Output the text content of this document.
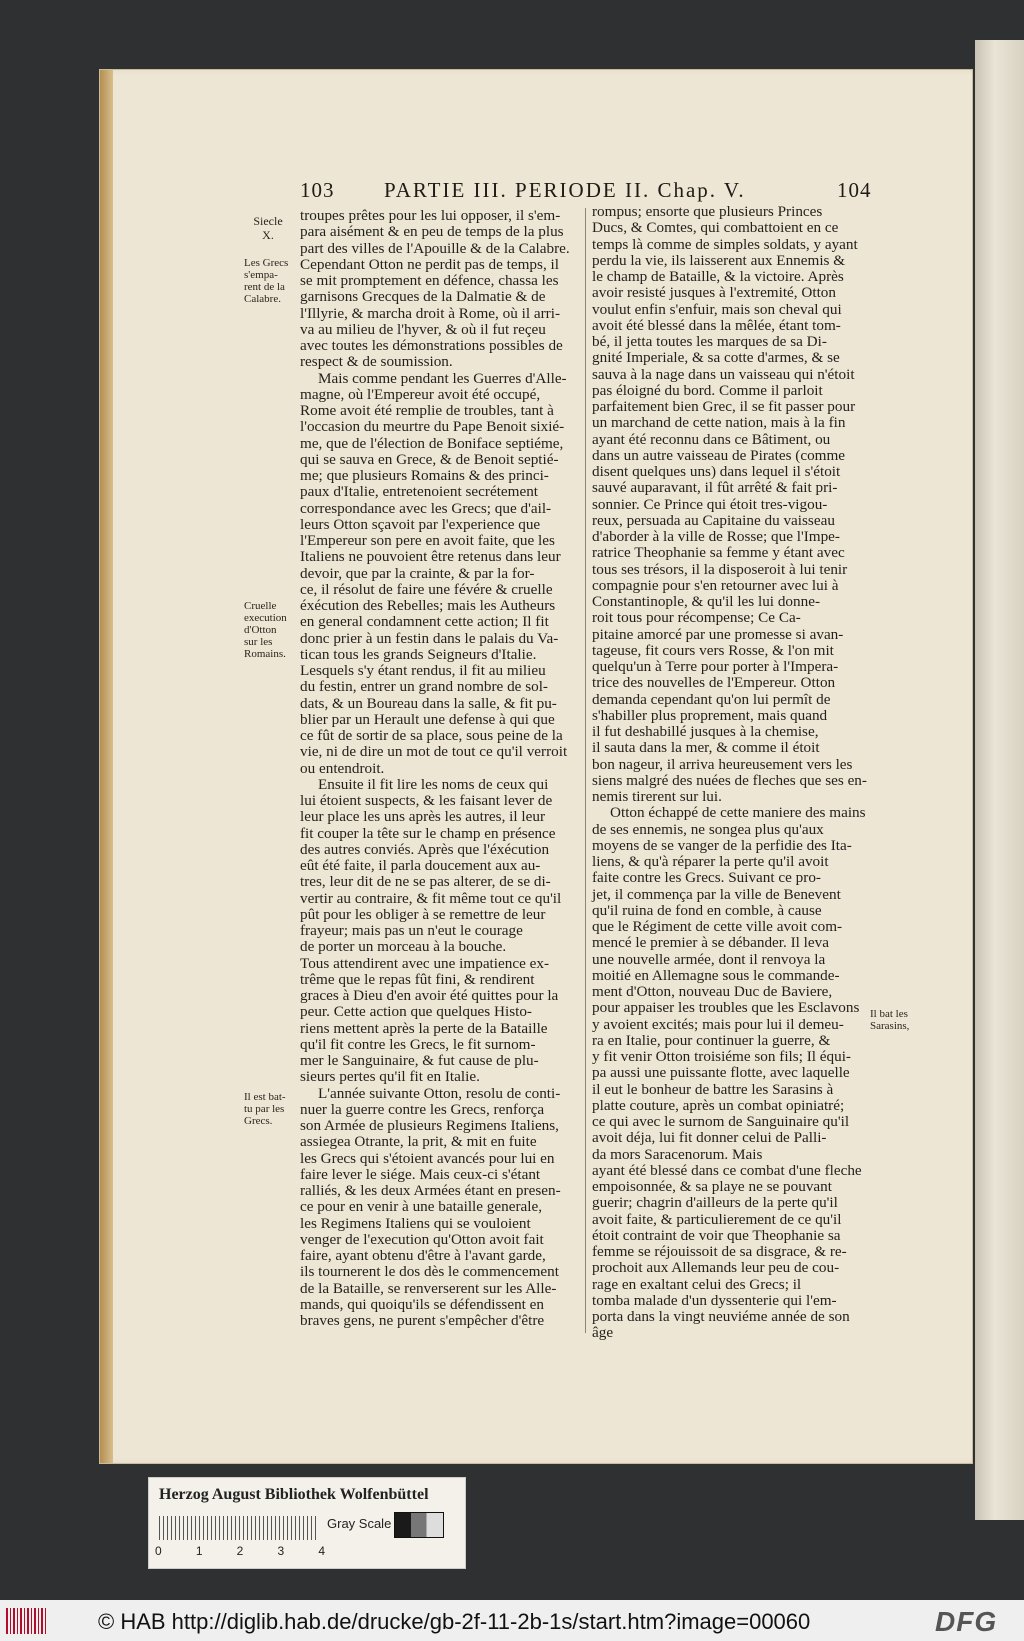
103 PARTIE III. PERIODE II. Chap. V.	104
Siecle
X.
Les Grecs
s'empa-
rent de la
Calabre.
Cruelle
execution
d'Otton
sur les
Romains.
Il est bat-
tu par les
Grecs.
Il bat les
Sarasins,

troupes prêtes pour les lui opposer, il s'em-
para aisément & en peu de temps de la plus
part des villes de l'Apouille & de la Calabre.
Cependant Otton ne perdit pas de temps, il
se mit promptement en défence, chassa les
garnisons Grecques de la Dalmatie & de
l'Illyrie, & marcha droit à Rome, où il arri-
va au milieu de l'hyver, & où il fut reçeu
avec toutes les démonstrations possibles de
respect & de soumission.

Mais comme pendant les Guerres d'Alle-
magne, où l'Empereur avoit été occupé,
Rome avoit été remplie de troubles, tant à
l'occasion du meurtre du Pape Benoit sixié-
me, que de l'élection de Boniface septiéme,
qui se sauva en Grece, & de Benoit septié-
me; que plusieurs Romains & des princi-
paux d'Italie, entretenoient secrétement
correspondance avec les Grecs; que d'ail-
leurs Otton sçavoit par l'experience que
l'Empereur son pere en avoit faite, que les
Italiens ne pouvoient être retenus dans leur
devoir, que par la crainte, & par la for-
ce, il résolut de faire une févére & cruelle
éxécution des Rebelles; mais les Autheurs
en general condamnent cette action; Il fit
donc prier à un festin dans le palais du Va-
tican tous les grands Seigneurs d'Italie.
Lesquels s'y étant rendus, il fit au milieu
du festin, entrer un grand nombre de sol-
dats, & un Boureau dans la salle, & fit pu-
blier par un Herault une defense à qui que
ce fût de sortir de sa place, sous peine de la
vie, ni de dire un mot de tout ce qu'il verroit
ou entendroit.

Ensuite il fit lire les noms de ceux qui
lui étoient suspects, & les faisant lever de
leur place les uns après les autres, il leur
fit couper la tête sur le champ en présence
des autres conviés. Après que l'éxécution
eût été faite, il parla doucement aux au-
tres, leur dit de ne se pas alterer, de se di-
vertir au contraire, & fit même tout ce qu'il
pût pour les obliger à se remettre de leur
frayeur; mais pas un n'eut le courage
de porter un morceau à la bouche.
Tous attendirent avec une impatience ex-
trême que le repas fût fini, & rendirent
graces à Dieu d'en avoir été quittes pour la
peur. Cette action que quelques Histo-
riens mettent après la perte de la Bataille
qu'il fit contre les Grecs, le fit surnom-
mer le Sanguinaire, & fut cause de plu-
sieurs pertes qu'il fit en Italie.

L'année suivante Otton, resolu de conti-
nuer la guerre contre les Grecs, renforça
son Armée de plusieurs Regimens Italiens,
assiegea Otrante, la prit, & mit en fuite
les Grecs qui s'étoient avancés pour lui en
faire lever le siége. Mais ceux-ci s'étant
ralliés, & les deux Armées étant en presen-
ce pour en venir à une bataille generale,
les Regimens Italiens qui se vouloient
venger de l'execution qu'Otton avoit fait
faire, ayant obtenu d'être à l'avant garde,
ils tournerent le dos dès le commencement
de la Bataille, se renverserent sur les Alle-
mands, qui quoiqu'ils se défendissent en
braves gens, ne purent s'empêcher d'être

rompus; ensorte que plusieurs Princes
Ducs, & Comtes, qui combattoient en ce
temps là comme de simples soldats, y ayant
perdu la vie, ils laisserent aux Ennemis &
le champ de Bataille, & la victoire. Après
avoir resisté jusques à l'extremité, Otton
voulut enfin s'enfuir, mais son cheval qui
avoit été blessé dans la mêlée, étant tom-
bé, il jetta toutes les marques de sa Di-
gnité Imperiale, & sa cotte d'armes, & se
sauva à la nage dans un vaisseau qui n'étoit
pas éloigné du bord. Comme il parloit
parfaitement bien Grec, il se fit passer pour
un marchand de cette nation, mais à la fin
ayant été reconnu dans ce Bâtiment, ou
dans un autre vaisseau de Pirates (comme
disent quelques uns) dans lequel il s'étoit
sauvé auparavant, il fût arrêté & fait pri-
sonnier. Ce Prince qui étoit tres-vigou-
reux, persuada au Capitaine du vaisseau
d'aborder à la ville de Rosse; que l'Impe-
ratrice Theophanie sa femme y étant avec
tous ses trésors, il la disposeroit à lui tenir
compagnie pour s'en retourner avec lui à
Constantinople, & qu'il les lui donne-
roit tous pour récompense; Ce Ca-
pitaine amorcé par une promesse si avan-
tageuse, fit cours vers Rosse, & l'on mit
quelqu'un à Terre pour porter à l'Impera-
trice des nouvelles de l'Empereur. Otton
demanda cependant qu'on lui permît de
s'habiller plus proprement, mais quand
il fut deshabillé jusques à la chemise,
il sauta dans la mer, & comme il étoit
bon nageur, il arriva heureusement vers les
siens malgré des nuées de fleches que ses en-
nemis tirerent sur lui.

Otton échappé de cette maniere des mains
de ses ennemis, ne songea plus qu'aux
moyens de se vanger de la perfidie des Ita-
liens, & qu'à réparer la perte qu'il avoit
faite contre les Grecs. Suivant ce pro-
jet, il commença par la ville de Benevent
qu'il ruina de fond en comble, à cause
que le Régiment de cette ville avoit com-
mencé le premier à se débander. Il leva
une nouvelle armée, dont il renvoya la
moitié en Allemagne sous le commande-
ment d'Otton, nouveau Duc de Baviere,
pour appaiser les troubles que les Esclavons
y avoient excités; mais pour lui il demeu-
ra en Italie, pour continuer la guerre, &
y fit venir Otton troisiéme son fils; Il équi-
pa aussi une puissante flotte, avec laquelle
il eut le bonheur de battre les Sarasins à
platte couture, après un combat opiniatré;
ce qui avec le surnom de Sanguinaire qu'il
avoit déja, lui fit donner celui de Palli-
da mors Saracenorum. Mais
ayant été blessé dans ce combat d'une fleche
empoisonnée, & sa playe ne se pouvant
guerir; chagrin d'ailleurs de la perte qu'il
avoit faite, & particulierement de ce qu'il
étoit contraint de voir que Theophanie sa
femme se réjouissoit de sa disgrace, & re-
prochoit aux Allemands leur peu de cou-
rage en exaltant celui des Grecs; il
tomba malade d'un dyssenterie qui l'em-
porta dans la vingt neuviéme année de son
âge

Herzog August Bibliothek Wolfenbüttel
0	1	2	3	4
Gray Scale
© HAB http://diglib.hab.de/drucke/gb-2f-11-2b-1s/start.htm?image=00060	DFG
